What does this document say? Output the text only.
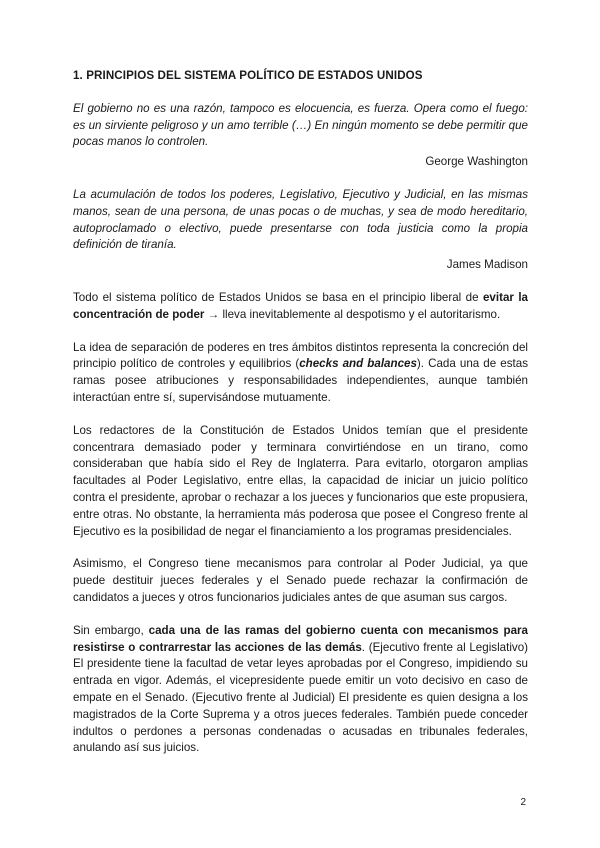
1. PRINCIPIOS DEL SISTEMA POLÍTICO DE ESTADOS UNIDOS

El gobierno no es una razón, tampoco es elocuencia, es fuerza. Opera como el fuego: es un sirviente peligroso y un amo terrible (…) En ningún momento se debe permitir que pocas manos lo controlen.

George Washington

La acumulación de todos los poderes, Legislativo, Ejecutivo y Judicial, en las mismas manos, sean de una persona, de unas pocas o de muchas, y sea de modo hereditario, autoproclamado o electivo, puede presentarse con toda justicia como la propia definición de tiranía.

James Madison

Todo el sistema político de Estados Unidos se basa en el principio liberal de evitar la concentración de poder → lleva inevitablemente al despotismo y el autoritarismo.

La idea de separación de poderes en tres ámbitos distintos representa la concreción del principio político de controles y equilibrios (checks and balances). Cada una de estas ramas posee atribuciones y responsabilidades independientes, aunque también interactúan entre sí, supervisándose mutuamente.

Los redactores de la Constitución de Estados Unidos temían que el presidente concentrara demasiado poder y terminara convirtiéndose en un tirano, como consideraban que había sido el Rey de Inglaterra. Para evitarlo, otorgaron amplias facultades al Poder Legislativo, entre ellas, la capacidad de iniciar un juicio político contra el presidente, aprobar o rechazar a los jueces y funcionarios que este propusiera, entre otras. No obstante, la herramienta más poderosa que posee el Congreso frente al Ejecutivo es la posibilidad de negar el financiamiento a los programas presidenciales.

Asimismo, el Congreso tiene mecanismos para controlar al Poder Judicial, ya que puede destituir jueces federales y el Senado puede rechazar la confirmación de candidatos a jueces y otros funcionarios judiciales antes de que asuman sus cargos.

Sin embargo, cada una de las ramas del gobierno cuenta con mecanismos para resistirse o contrarrestar las acciones de las demás. (Ejecutivo frente al Legislativo) El presidente tiene la facultad de vetar leyes aprobadas por el Congreso, impidiendo su entrada en vigor. Además, el vicepresidente puede emitir un voto decisivo en caso de empate en el Senado. (Ejecutivo frente al Judicial) El presidente es quien designa a los magistrados de la Corte Suprema y a otros jueces federales. También puede conceder indultos o perdones a personas condenadas o acusadas en tribunales federales, anulando así sus juicios.

2
